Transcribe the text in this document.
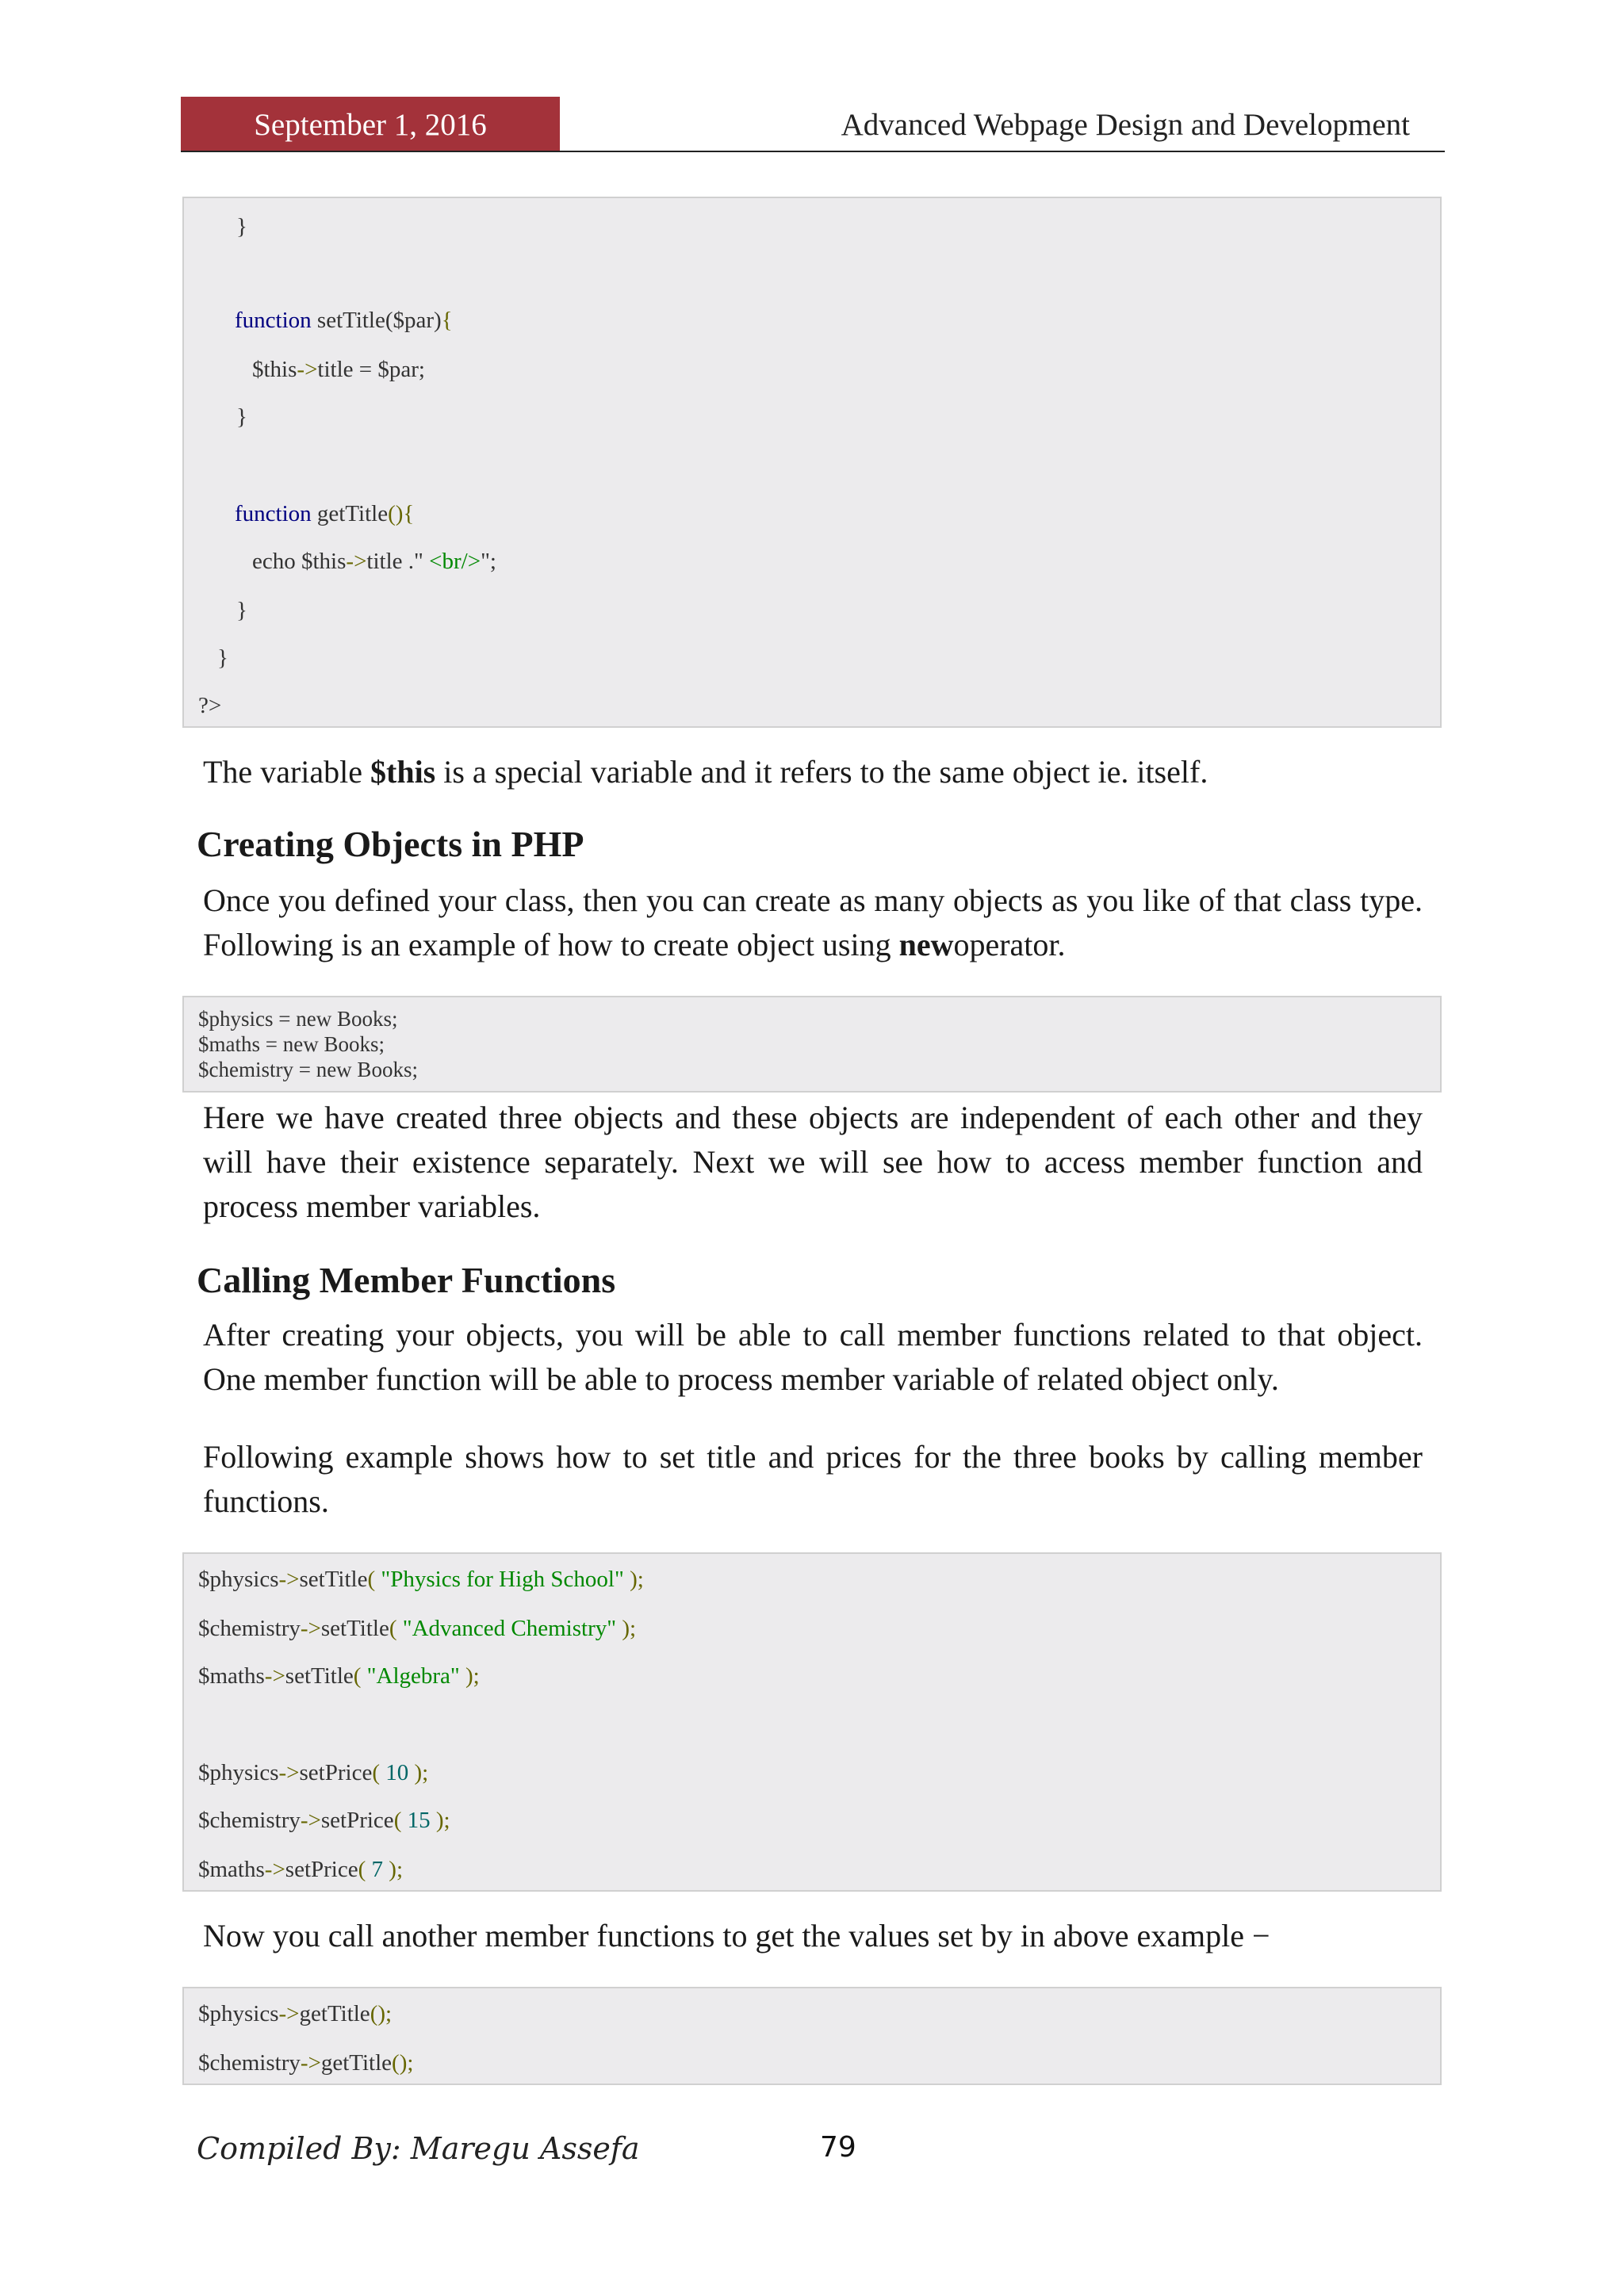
September 1, 2016	Advanced Webpage Design and Development
}
function setTitle($par){
$this->title = $par;
}
function getTitle(){
echo $this->title ." <br/>";
}
}
?>

The variable $this is a special variable and it refers to the same object ie. itself.

Creating Objects in PHP

Once you defined your class, then you can create as many objects as you like of that class type. Following is an example of how to create object using newoperator.

$physics = new Books;
$maths = new Books;
$chemistry = new Books;

Here we have created three objects and these objects are independent of each other and they will have their existence separately. Next we will see how to access member function and process member variables.

Calling Member Functions

After creating your objects, you will be able to call member functions related to that object. One member function will be able to process member variable of related object only.

Following example shows how to set title and prices for the three books by calling member functions.

$physics->setTitle( "Physics for High School" );
$chemistry->setTitle( "Advanced Chemistry" );
$maths->setTitle( "Algebra" );
$physics->setPrice( 10 );
$chemistry->setPrice( 15 );
$maths->setPrice( 7 );

Now you call another member functions to get the values set by in above example −

$physics->getTitle();
$chemistry->getTitle();
Compiled By: Maregu Assefa	79
